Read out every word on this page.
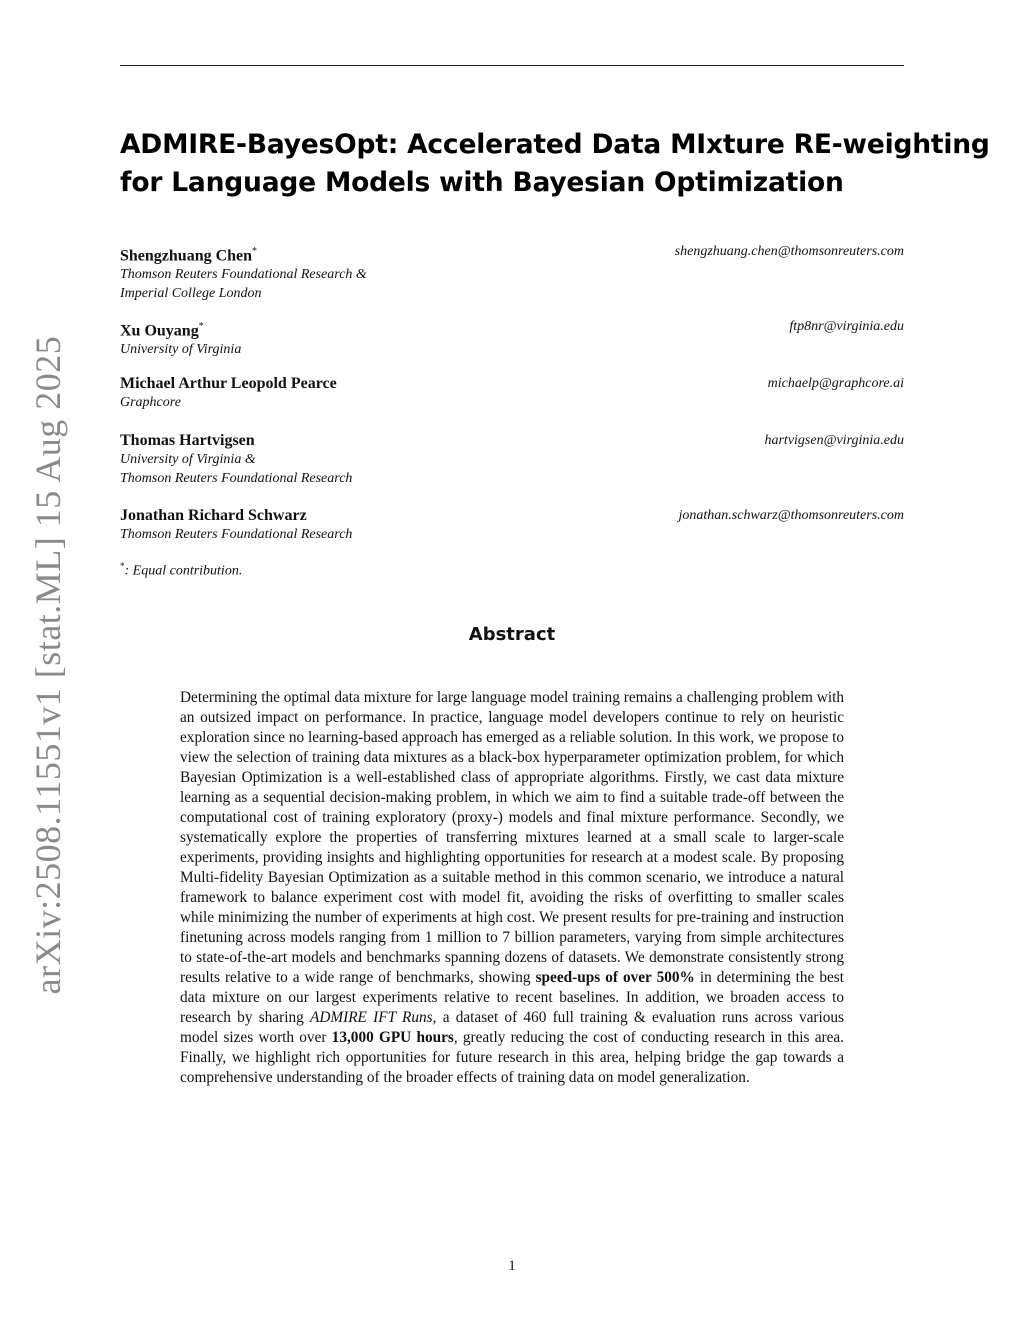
arXiv:2508.11551v1 [stat.ML] 15 Aug 2025
ADMIRE-BayesOpt: Accelerated Data MIxture RE-weighting
for Language Models with Bayesian Optimization
Shengzhuang Chen*
Thomson Reuters Foundational Research &
Imperial College London
shengzhuang.chen@thomsonreuters.com
Xu Ouyang*
University of Virginia
ftp8nr@virginia.edu
Michael Arthur Leopold Pearce
Graphcore
michaelp@graphcore.ai
Thomas Hartvigsen
University of Virginia &
Thomson Reuters Foundational Research
hartvigsen@virginia.edu
Jonathan Richard Schwarz
Thomson Reuters Foundational Research
jonathan.schwarz@thomsonreuters.com
*: Equal contribution.
Abstract
Determining the optimal data mixture for large language model training remains a challenging problem with an outsized impact on performance. In practice, language model developers continue to rely on heuristic exploration since no learning-based approach has emerged as a reliable solution. In this work, we propose to view the selection of training data mixtures as a black-box hyperparameter optimization problem, for which Bayesian Optimization is a well-established class of appropriate algorithms. Firstly, we cast data mixture learning as a sequential decision-making problem, in which we aim to find a suitable trade-off between the computational cost of training exploratory (proxy-) models and final mixture performance. Secondly, we systematically explore the properties of transferring mixtures learned at a small scale to larger-scale experiments, providing insights and highlighting opportunities for research at a modest scale. By proposing Multi-fidelity Bayesian Optimization as a suitable method in this common scenario, we introduce a natural framework to balance experiment cost with model fit, avoiding the risks of overfitting to smaller scales while minimizing the number of experiments at high cost. We present results for pre-training and instruction finetuning across models ranging from 1 million to 7 billion parameters, varying from simple architectures to state-of-the-art models and benchmarks spanning dozens of datasets. We demonstrate consistently strong results relative to a wide range of benchmarks, showing speed-ups of over 500% in determining the best data mixture on our largest experiments relative to recent baselines. In addition, we broaden access to research by sharing ADMIRE IFT Runs, a dataset of 460 full training & evaluation runs across various model sizes worth over 13,000 GPU hours, greatly reducing the cost of conducting research in this area. Finally, we highlight rich opportunities for future research in this area, helping bridge the gap towards a comprehensive understanding of the broader effects of training data on model generalization.
1
